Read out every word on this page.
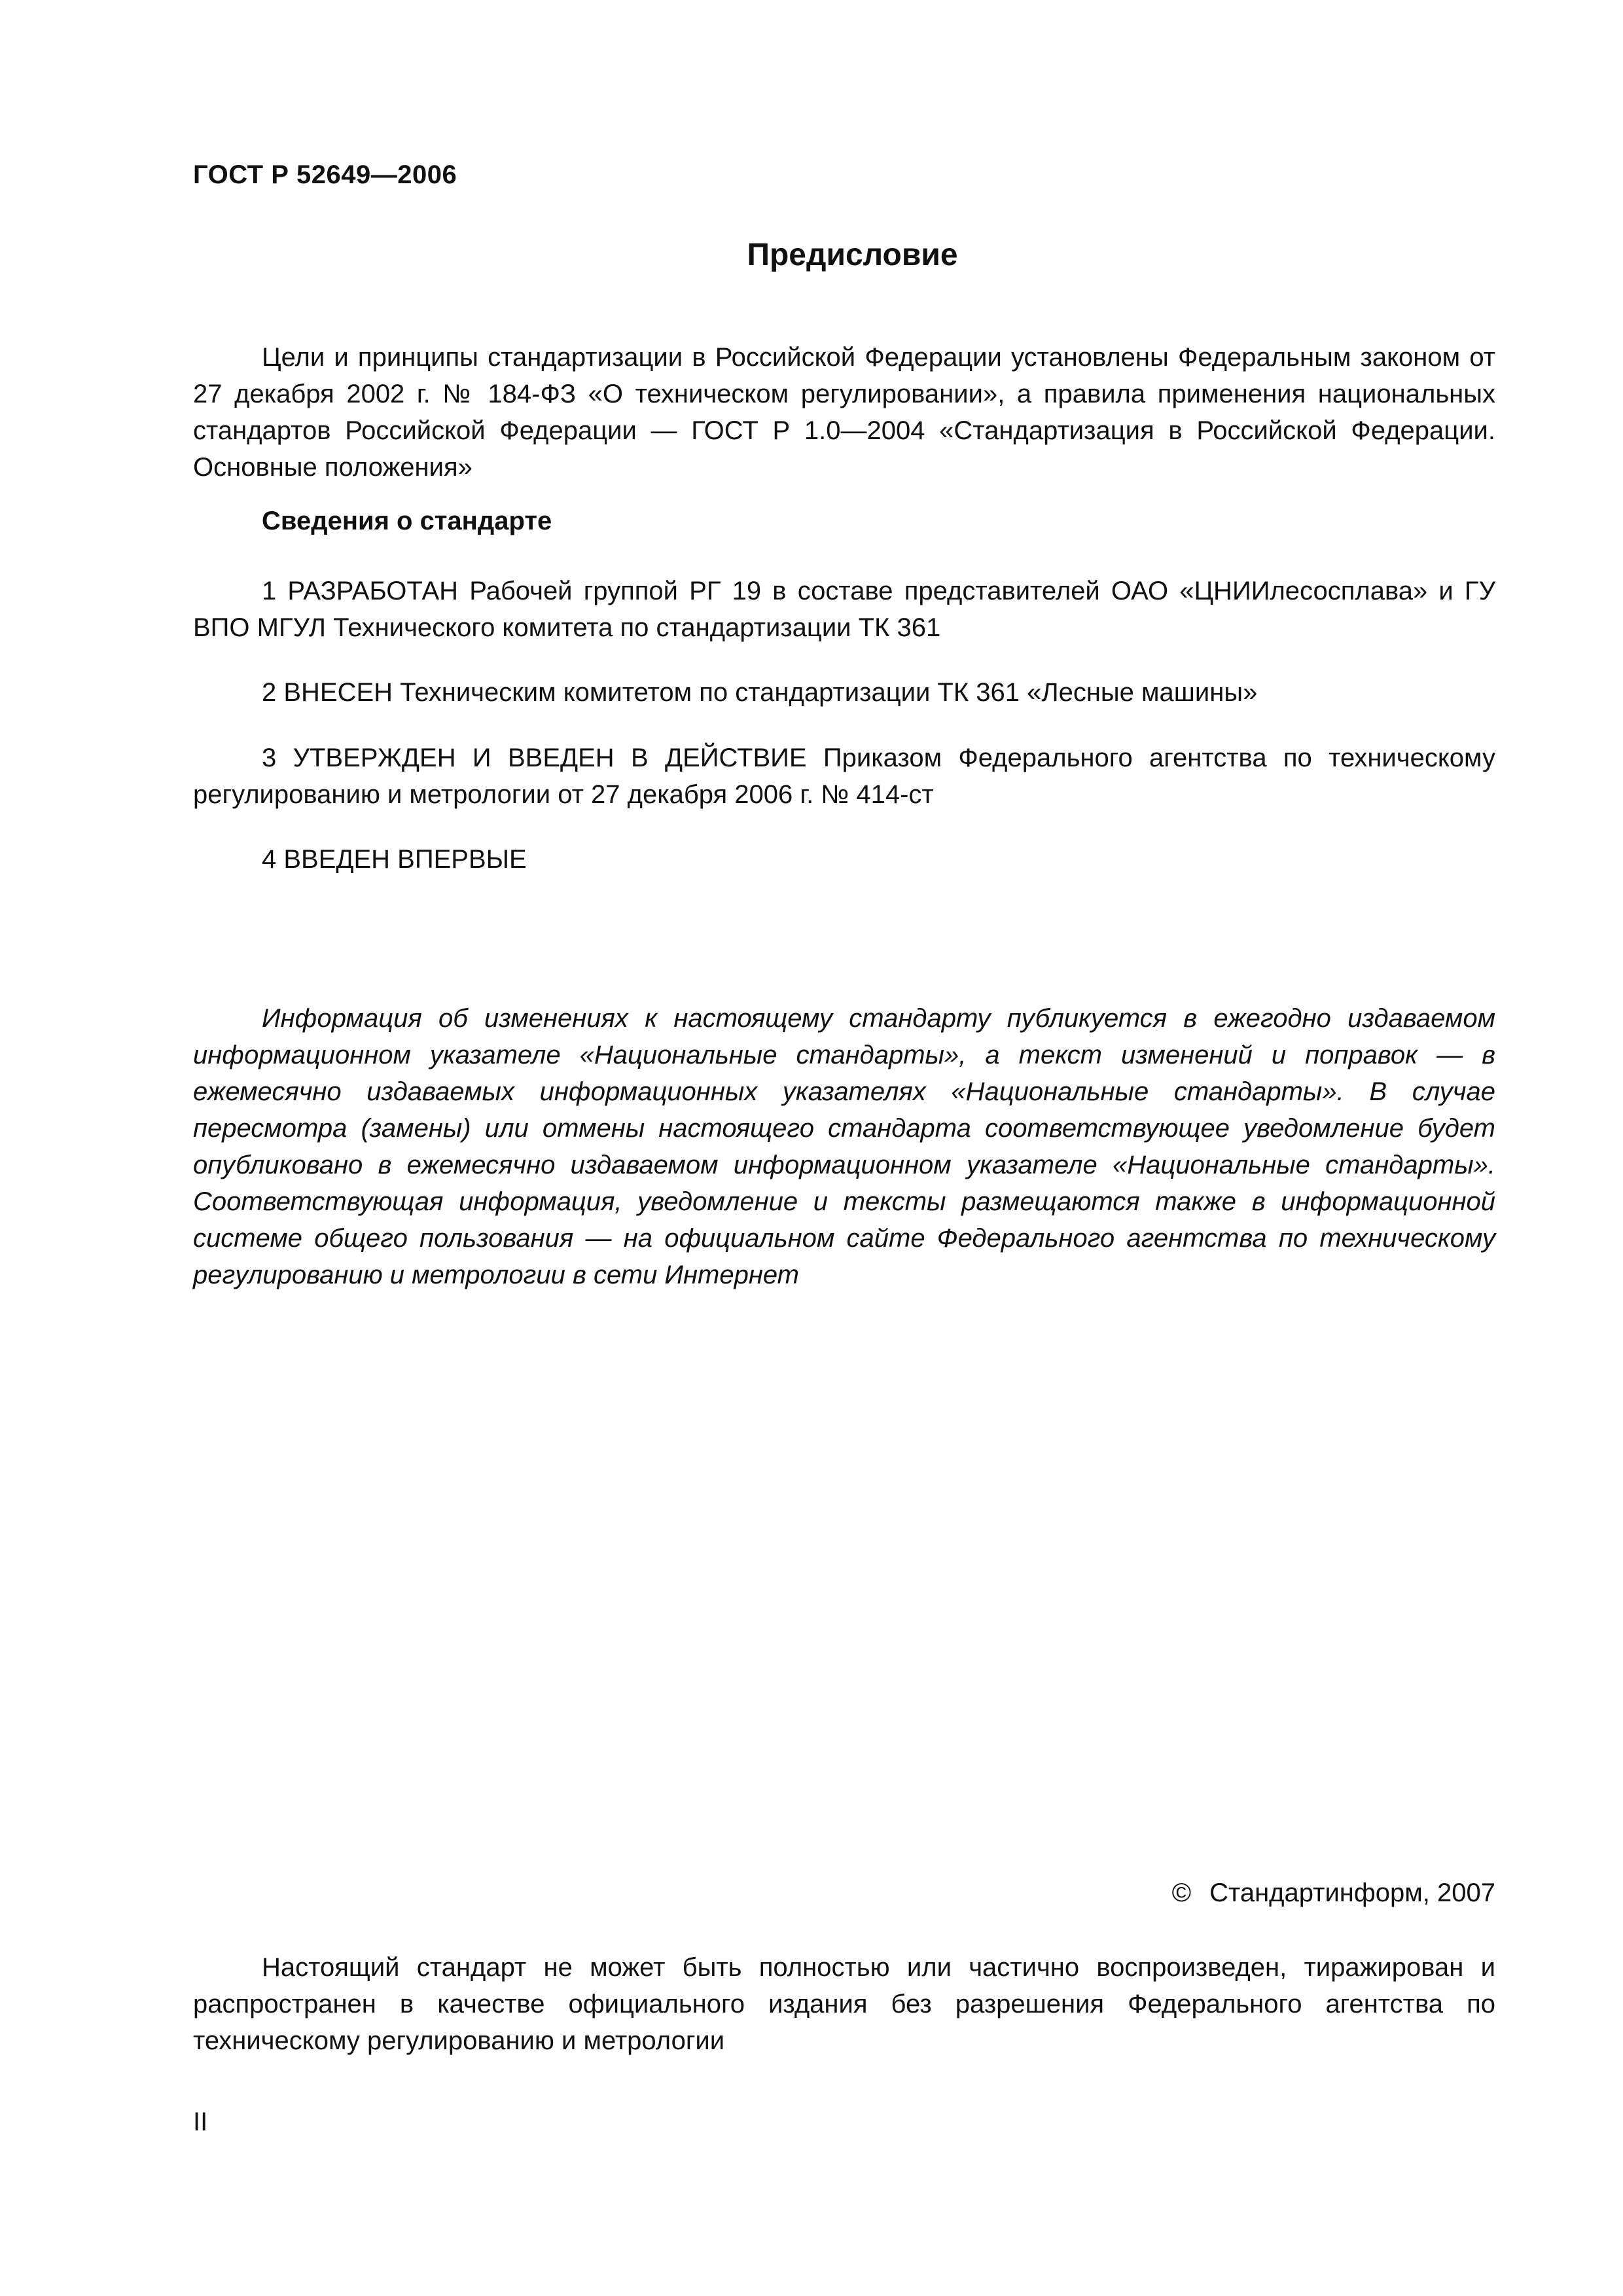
ГОСТ Р 52649—2006
Предисловие

Цели и принципы стандартизации в Российской Федерации установлены Федеральным законом от 27 декабря 2002 г. № 184-ФЗ «О техническом регулировании», а правила применения национальных стандартов Российской Федерации — ГОСТ Р 1.0—2004 «Стандартизация в Российской Федерации. Основные положения»

Сведения о стандарте

1 РАЗРАБОТАН Рабочей группой РГ 19 в составе представителей ОАО «ЦНИИлесосплава» и ГУ ВПО МГУЛ Технического комитета по стандартизации ТК 361

2 ВНЕСЕН Техническим комитетом по стандартизации ТК 361 «Лесные машины»

3 УТВЕРЖДЕН И ВВЕДЕН В ДЕЙСТВИЕ Приказом Федерального агентства по техническому регулированию и метрологии от 27 декабря 2006 г. № 414-ст

4 ВВЕДЕН ВПЕРВЫЕ

Информация об изменениях к настоящему стандарту публикуется в ежегодно издаваемом информационном указателе «Национальные стандарты», а текст изменений и поправок — в ежемесячно издаваемых информационных указателях «Национальные стандарты». В случае пересмотра (замены) или отмены настоящего стандарта соответствующее уведомление будет опубликовано в ежемесячно издаваемом информационном указателе «Национальные стандарты». Соответствующая информация, уведомление и тексты размещаются также в информационной системе общего пользования — на официальном сайте Федерального агентства по техническому регулированию и метрологии в сети Интернет

© Стандартинформ, 2007

Настоящий стандарт не может быть полностью или частично воспроизведен, тиражирован и распространен в качестве официального издания без разрешения Федерального агентства по техническому регулированию и метрологии

II
